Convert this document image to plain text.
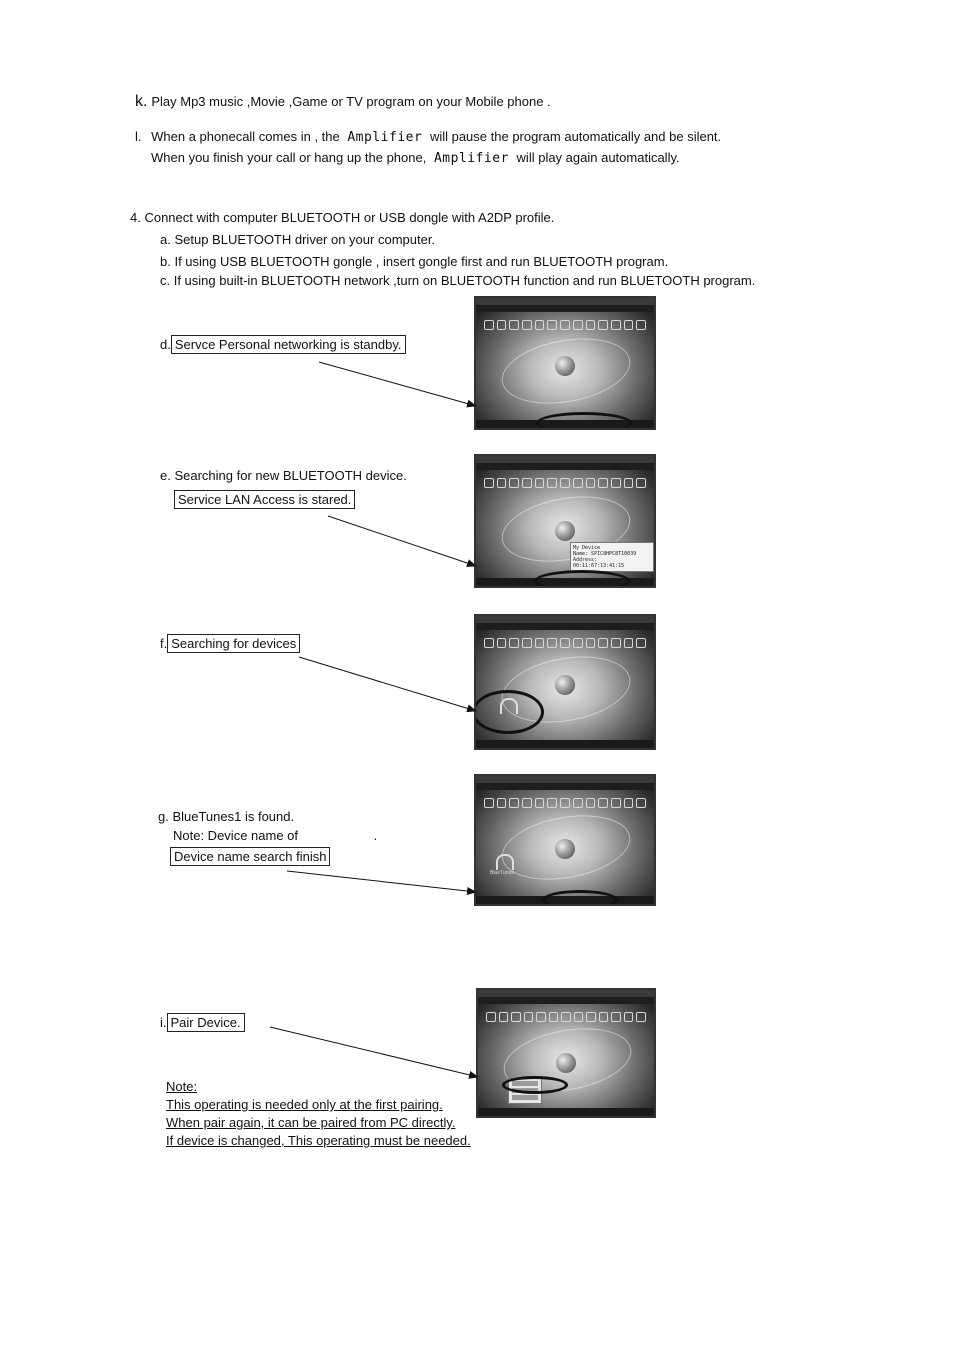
k. Play Mp3 music ,Movie ,Game or TV program on your Mobile phone .
l. When a phonecall comes in , the Amplifier will pause the program automatically and be silent.
When you finish your call or hang up the phone, Amplifier will play again automatically.
4. Connect with computer BLUETOOTH or USB dongle with A2DP profile.
a. Setup BLUETOOTH driver on your computer.
b. If using USB BLUETOOTH gongle , insert gongle first and run BLUETOOTH program.
c. If using built-in BLUETOOTH network ,turn on BLUETOOTH function and run BLUETOOTH program.
d. Servce Personal networking is standby.
e. Searching for new BLUETOOTH device.
Service LAN Access is stared.
f. Searching for devices
g. BlueTunes1 is found.
Note: Device name of	.
Device name search finish
i. Pair Device.
Note:
This operating is needed only at the first pairing.
When pair again, it can be paired from PC directly.
If device is changed, This operating must be needed.
My Device
Name: SPIC8HPC8T10039
Address: 00:11:67:13:41:15
BlueTunes
